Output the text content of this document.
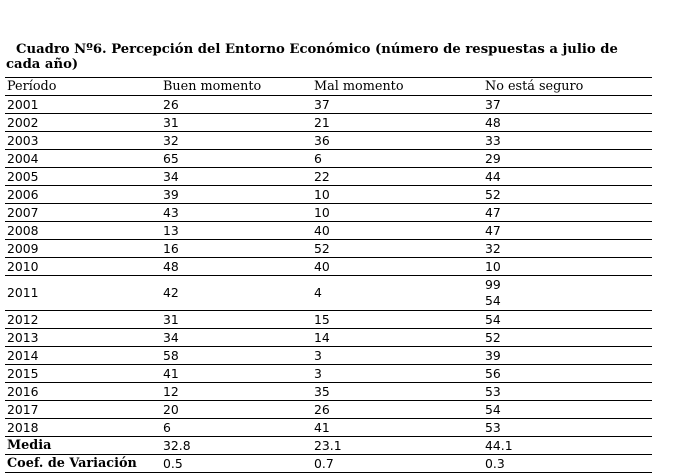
Cuadro Nº6. Percepción del Entorno Económico (número de respuestas a julio de cada año)
Período	Buen momento	Mal momento	No está seguro
2001	26	37	37
2002	31	21	48
2003	32	36	33
2004	65	6	29
2005	34	22	44
2006	39	10	52
2007	43	10	47
2008	13	40	47
2009	16	52	32
2010	48	40	10
2011	42	4	99
54

2012	31	15	54
2013	34	14	52
2014	58	3	39
2015	41	3	56
2016	12	35	53
2017	20	26	54
2018	6	41	53
Media	32.8	23.1	44.1
Coef. de Variación	0.5	0.7	0.3
